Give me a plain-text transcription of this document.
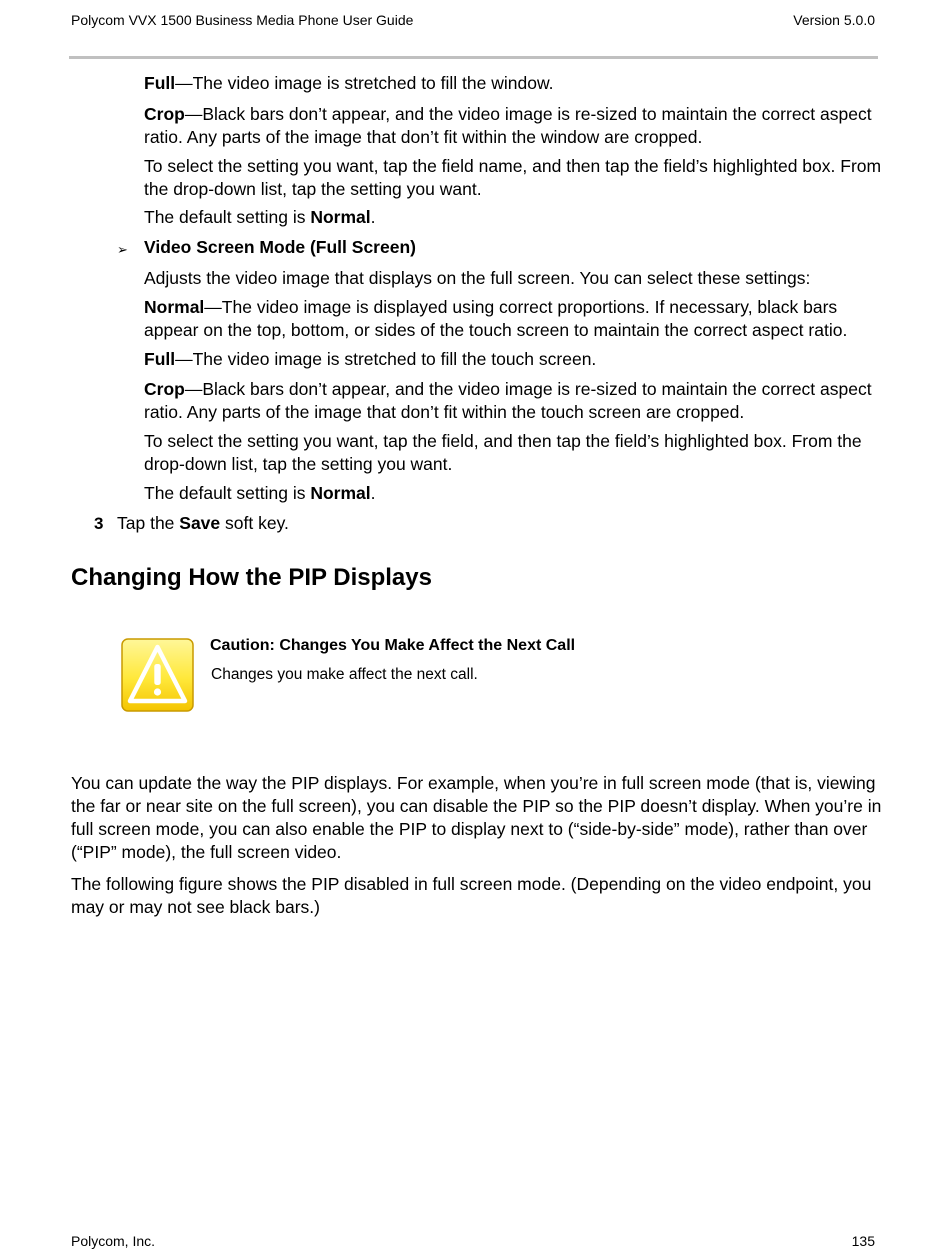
Polycom VVX 1500 Business Media Phone User Guide	Version 5.0.0

Full—The video image is stretched to fill the window.

Crop—Black bars don’t appear, and the video image is re-sized to maintain the correct aspect ratio. Any parts of the image that don’t fit within the window are cropped.

To select the setting you want, tap the field name, and then tap the field’s highlighted box. From the drop-down list, tap the setting you want.

The default setting is Normal.

➢ Video Screen Mode (Full Screen)

Adjusts the video image that displays on the full screen. You can select these settings:

Normal—The video image is displayed using correct proportions. If necessary, black bars appear on the top, bottom, or sides of the touch screen to maintain the correct aspect ratio.

Full—The video image is stretched to fill the touch screen.

Crop—Black bars don’t appear, and the video image is re-sized to maintain the correct aspect ratio. Any parts of the image that don’t fit within the touch screen are cropped.

To select the setting you want, tap the field, and then tap the field’s highlighted box. From the drop-down list, tap the setting you want.

The default setting is Normal.

3 Tap the Save soft key.
Changing How the PIP Displays
Caution: Changes You Make Affect the Next Call
Changes you make affect the next call.

You can update the way the PIP displays. For example, when you’re in full screen mode (that is, viewing the far or near site on the full screen), you can disable the PIP so the PIP doesn’t display. When you’re in full screen mode, you can also enable the PIP to display next to (“side-by-side” mode), rather than over (“PIP” mode), the full screen video.

The following figure shows the PIP disabled in full screen mode. (Depending on the video endpoint, you may or may not see black bars.)

Polycom, Inc.	135
